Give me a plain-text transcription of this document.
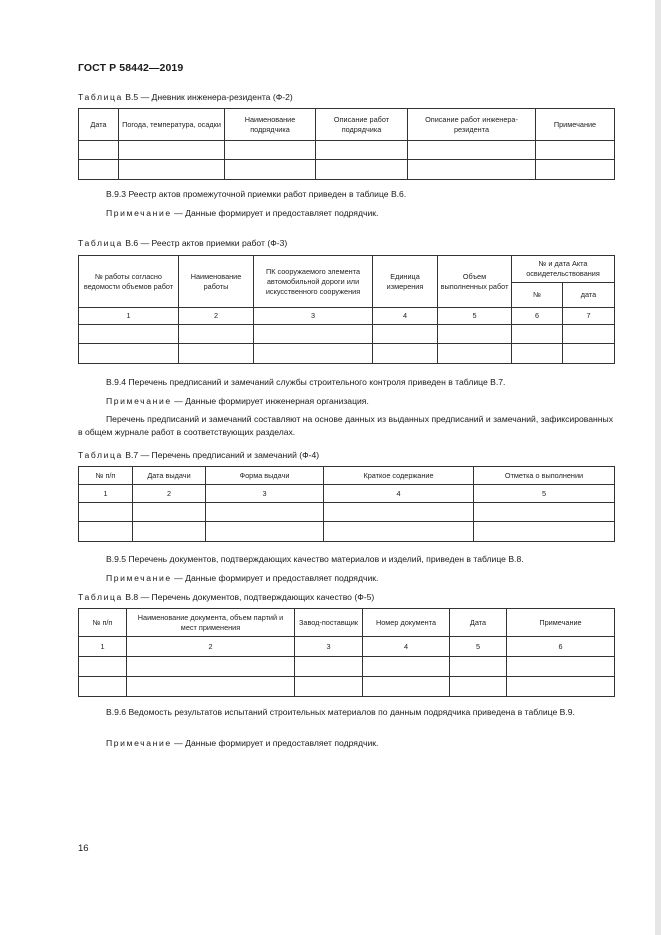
ГОСТ Р 58442—2019
Таблица В.5 — Дневник инженера-резидента (Ф-2)
Дата	Погода, температура, осадки	Наименование подрядчика	Описание работ подрядчика	Описание работ инженера-резидента	Примечание

В.9.3 Реестр актов промежуточной приемки работ приведен в таблице В.6.
Примечание — Данные формирует и предоставляет подрядчик.
Таблица В.6 — Реестр актов приемки работ (Ф-3)
№ работы согласно ведомости объемов работ	Наименование работы	ПК сооружаемого элемента автомобильной дороги или искусственного сооружения	Единица измерения	Объем выполненных работ	№ и дата Акта освидетельствования	
					№	дата
1	2	3	4	5	6	7

В.9.4 Перечень предписаний и замечаний службы строительного контроля приведен в таблице В.7.
Примечание — Данные формирует инженерная организация.
Перечень предписаний и замечаний составляют на основе данных из выданных предписаний и замечаний, зафиксированных в общем журнале работ в соответствующих разделах.
Таблица В.7 — Перечень предписаний и замечаний (Ф-4)
№ п/п	Дата выдачи	Форма выдачи	Краткое содержание	Отметка о выполнении
1	2	3	4	5

В.9.5 Перечень документов, подтверждающих качество материалов и изделий, приведен в таблице В.8.
Примечание — Данные формирует и предоставляет подрядчик.
Таблица В.8 — Перечень документов, подтверждающих качество (Ф-5)
№ п/п	Наименование документа, объем партий и мест применения	Завод-поставщик	Номер документа	Дата	Примечание
1	2	3	4	5	6

В.9.6 Ведомость результатов испытаний строительных материалов по данным подрядчика приведена в таблице В.9.
Примечание — Данные формирует и предоставляет подрядчик.
16
